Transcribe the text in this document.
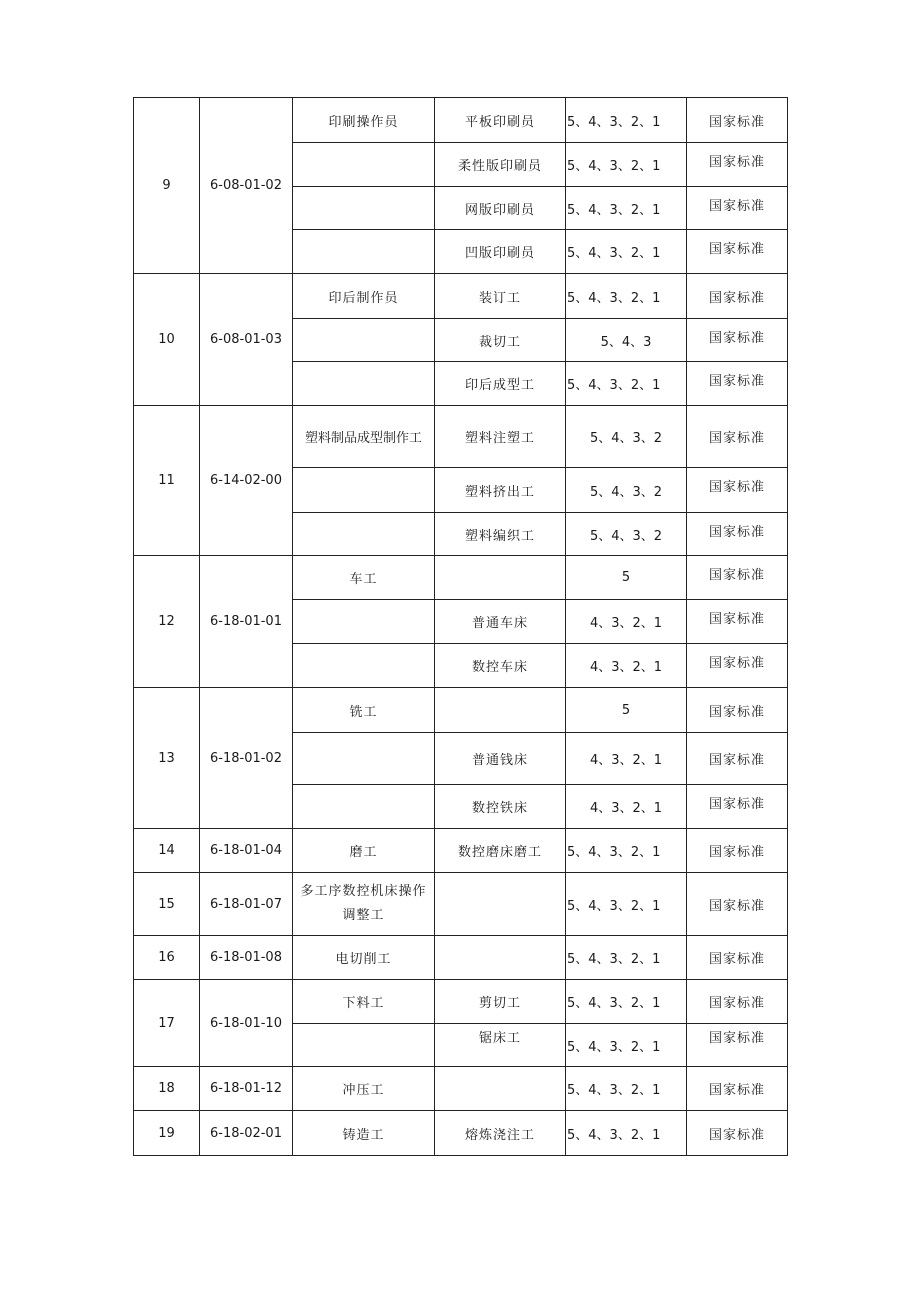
9	6-08-01-02	印刷操作员	平板印刷员	5、4、3、2、1	国家标准
			柔性版印刷员	5、4、3、2、1	国家标准
			网版印刷员	5、4、3、2、1	国家标准
			凹版印刷员	5、4、3、2、1	国家标准
10	6-08-01-03	印后制作员	装订工	5、4、3、2、1	国家标准
			裁切工	5、4、3	国家标准
			印后成型工	5、4、3、2、1	国家标准
11	6-14-02-00	塑料制品成型制作工	塑料注塑工	5、4、3、2	国家标准
			塑料挤出工	5、4、3、2	国家标准
			塑料编织工	5、4、3、2	国家标准
12	6-18-01-01	车工		5	国家标准
			普通车床	4、3、2、1	国家标准
			数控车床	4、3、2、1	国家标准
13	6-18-01-02	铣工		5	国家标准
			普通钱床	4、3、2、1	国家标准
			数控铁床	4、3、2、1	国家标准
14	6-18-01-04	磨工	数控磨床磨工	5、4、3、2、1	国家标准
15	6-18-01-07	多工序数控机床操作调整工		5、4、3、2、1	国家标准
16	6-18-01-08	电切削工		5、4、3、2、1	国家标准
17	6-18-01-10	下料工	剪切工	5、4、3、2、1	国家标准
			锯床工	5、4、3、2、1	国家标准
18	6-18-01-12	冲压工		5、4、3、2、1	国家标准
19	6-18-02-01	铸造工	熔炼浇注工	5、4、3、2、1	国家标准
